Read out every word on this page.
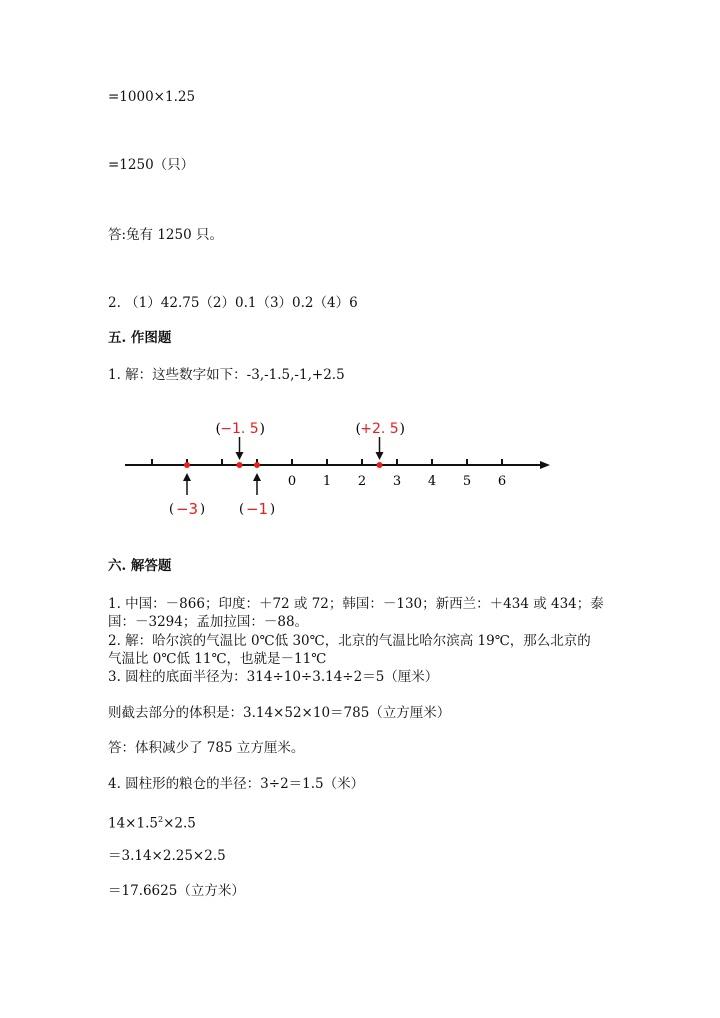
=1000×1.25
=1250（只）
答:兔有 1250 只。
2. （1）42.75（2）0.1（3）0.2（4）6
五. 作图题
1. 解：这些数字如下：-3,-1.5,-1,+2.5
0 1 2 3 4 5 6
( −3 )
( −1. 5 )
( −1 )
( +2. 5 )
六. 解答题
1. 中国：－866；印度：＋72 或 72；韩国：－130；新西兰：＋434 或 434；泰
国：－3294；孟加拉国：－88。
2. 解：哈尔滨的气温比 0℃低 30℃，北京的气温比哈尔滨高 19℃，那么北京的
气温比 0℃低 11℃，也就是－11℃
3. 圆柱的底面半径为：314÷10÷3.14÷2＝5（厘米）
则截去部分的体积是：3.14×52×10＝785（立方厘米）
答：体积减少了 785 立方厘米。
4. 圆柱形的粮仓的半径：3÷2＝1.5（米）
$14\times 1.5^2\times 2.5$
＝3.14×2.25×2.5
＝17.6625（立方米）
